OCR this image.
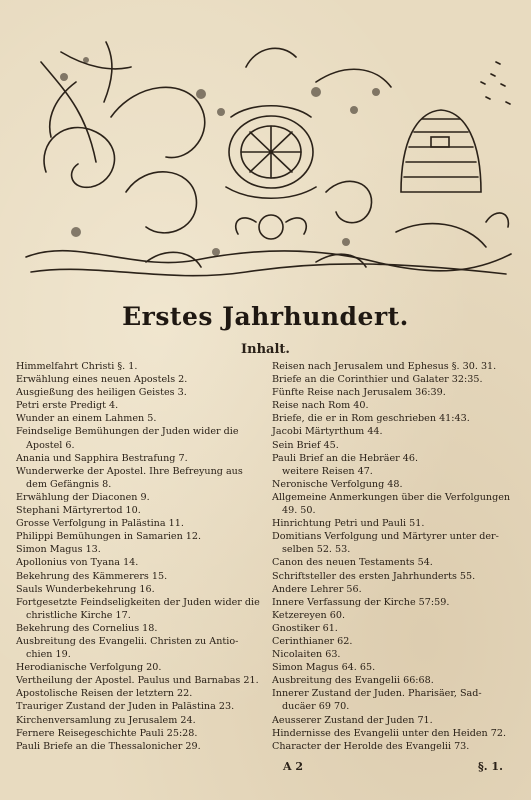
Erstes Jahrhundert.
Inhalt.
Himmelfahrt Christi §. 1.
Erwählung eines neuen Apostels 2.
Ausgießung des heiligen Geistes 3.
Petri erste Predigt 4.
Wunder an einem Lahmen 5.
Feindselige Bemühungen der Juden wider die
Apostel 6.
Anania und Sapphira Bestrafung 7.
Wunderwerke der Apostel. Ihre Befreyung aus
dem Gefängnis 8.
Erwählung der Diaconen 9.
Stephani Märtyrertod 10.
Grosse Verfolgung in Palästina 11.
Philippi Bemühungen in Samarien 12.
Simon Magus 13.
Apollonius von Tyana 14.
Bekehrung des Kämmerers 15.
Sauls Wunderbekehrung 16.
Fortgesetzte Feindseligkeiten der Juden wider die
christliche Kirche 17.
Bekehrung des Cornelius 18.
Ausbreitung des Evangelii. Christen zu Antio-
chien 19.
Herodianische Verfolgung 20.
Vertheilung der Apostel. Paulus und Barnabas 21.
Apostolische Reisen der letztern 22.
Trauriger Zustand der Juden in Palästina 23.
Kirchenversamlung zu Jerusalem 24.
Fernere Reisegeschichte Pauli 25:28.
Pauli Briefe an die Thessalonicher 29.
Reisen nach Jerusalem und Ephesus §. 30. 31.
Briefe an die Corinthier und Galater 32:35.
Fünfte Reise nach Jerusalem 36:39.
Reise nach Rom 40.
Briefe, die er in Rom geschrieben 41:43.
Jacobi Märtyrthum 44.
Sein Brief 45.
Pauli Brief an die Hebräer 46.
weitere Reisen 47.
Neronische Verfolgung 48.
Allgemeine Anmerkungen über die Verfolgungen
49. 50.
Hinrichtung Petri und Pauli 51.
Domitians Verfolgung und Märtyrer unter der-
selben 52. 53.
Canon des neuen Testaments 54.
Schriftsteller des ersten Jahrhunderts 55.
Andere Lehrer 56.
Innere Verfassung der Kirche 57:59.
Ketzereyen 60.
Gnostiker 61.
Cerinthianer 62.
Nicolaiten 63.
Simon Magus 64. 65.
Ausbreitung des Evangelii 66:68.
Innerer Zustand der Juden. Pharisäer, Sad-
ducäer 69 70.
Aeusserer Zustand der Juden 71.
Hindernisse des Evangelii unter den Heiden 72.
Character der Herolde des Evangelii 73.
A 2	§. 1.
